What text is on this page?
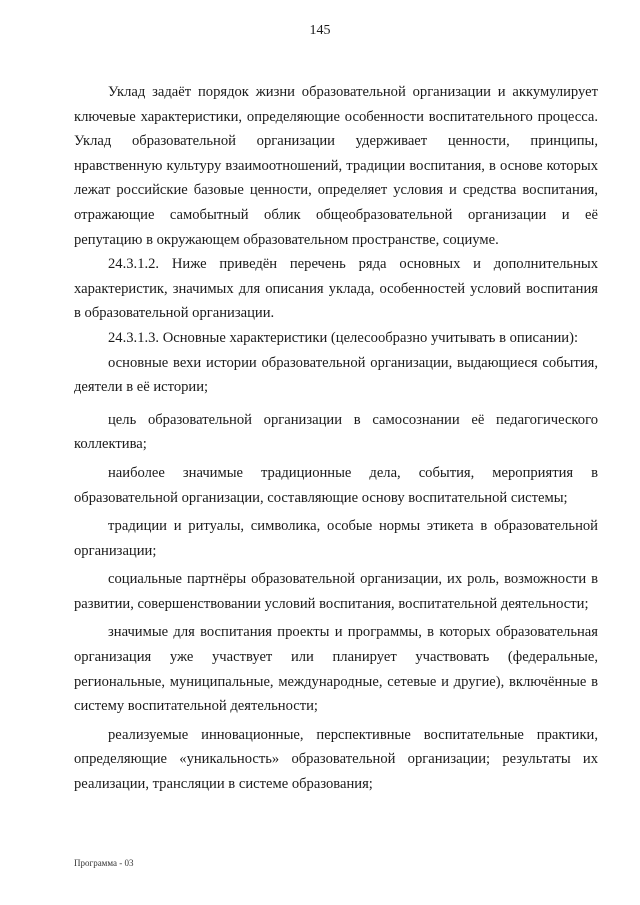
145

Уклад задаёт порядок жизни образовательной организации и аккумулирует ключевые характеристики, определяющие особенности воспитательного процесса. Уклад образовательной организации удерживает ценности, принципы, нравственную культуру взаимоотношений, традиции воспитания, в основе которых лежат российские базовые ценности, определяет условия и средства воспитания, отражающие самобытный облик общеобразовательной организации и её репутацию в окружающем образовательном пространстве, социуме.

24.3.1.2. Ниже приведён перечень ряда основных и дополнительных характеристик, значимых для описания уклада, особенностей условий воспитания в образовательной организации.

24.3.1.3. Основные характеристики (целесообразно учитывать в описании):

основные вехи истории образовательной организации, выдающиеся события, деятели в её истории;

цель образовательной организации в самосознании её педагогического коллектива;

наиболее значимые традиционные дела, события, мероприятия в образовательной организации, составляющие основу воспитательной системы;

традиции и ритуалы, символика, особые нормы этикета в образовательной организации;

социальные партнёры образовательной организации, их роль, возможности в развитии, совершенствовании условий воспитания, воспитательной деятельности;

значимые для воспитания проекты и программы, в которых образовательная организация уже участвует или планирует участвовать (федеральные, региональные, муниципальные, международные, сетевые и другие), включённые в систему воспитательной деятельности;

реализуемые инновационные, перспективные воспитательные практики, определяющие «уникальность» образовательной организации; результаты их реализации, трансляции в системе образования;

Программа - 03
